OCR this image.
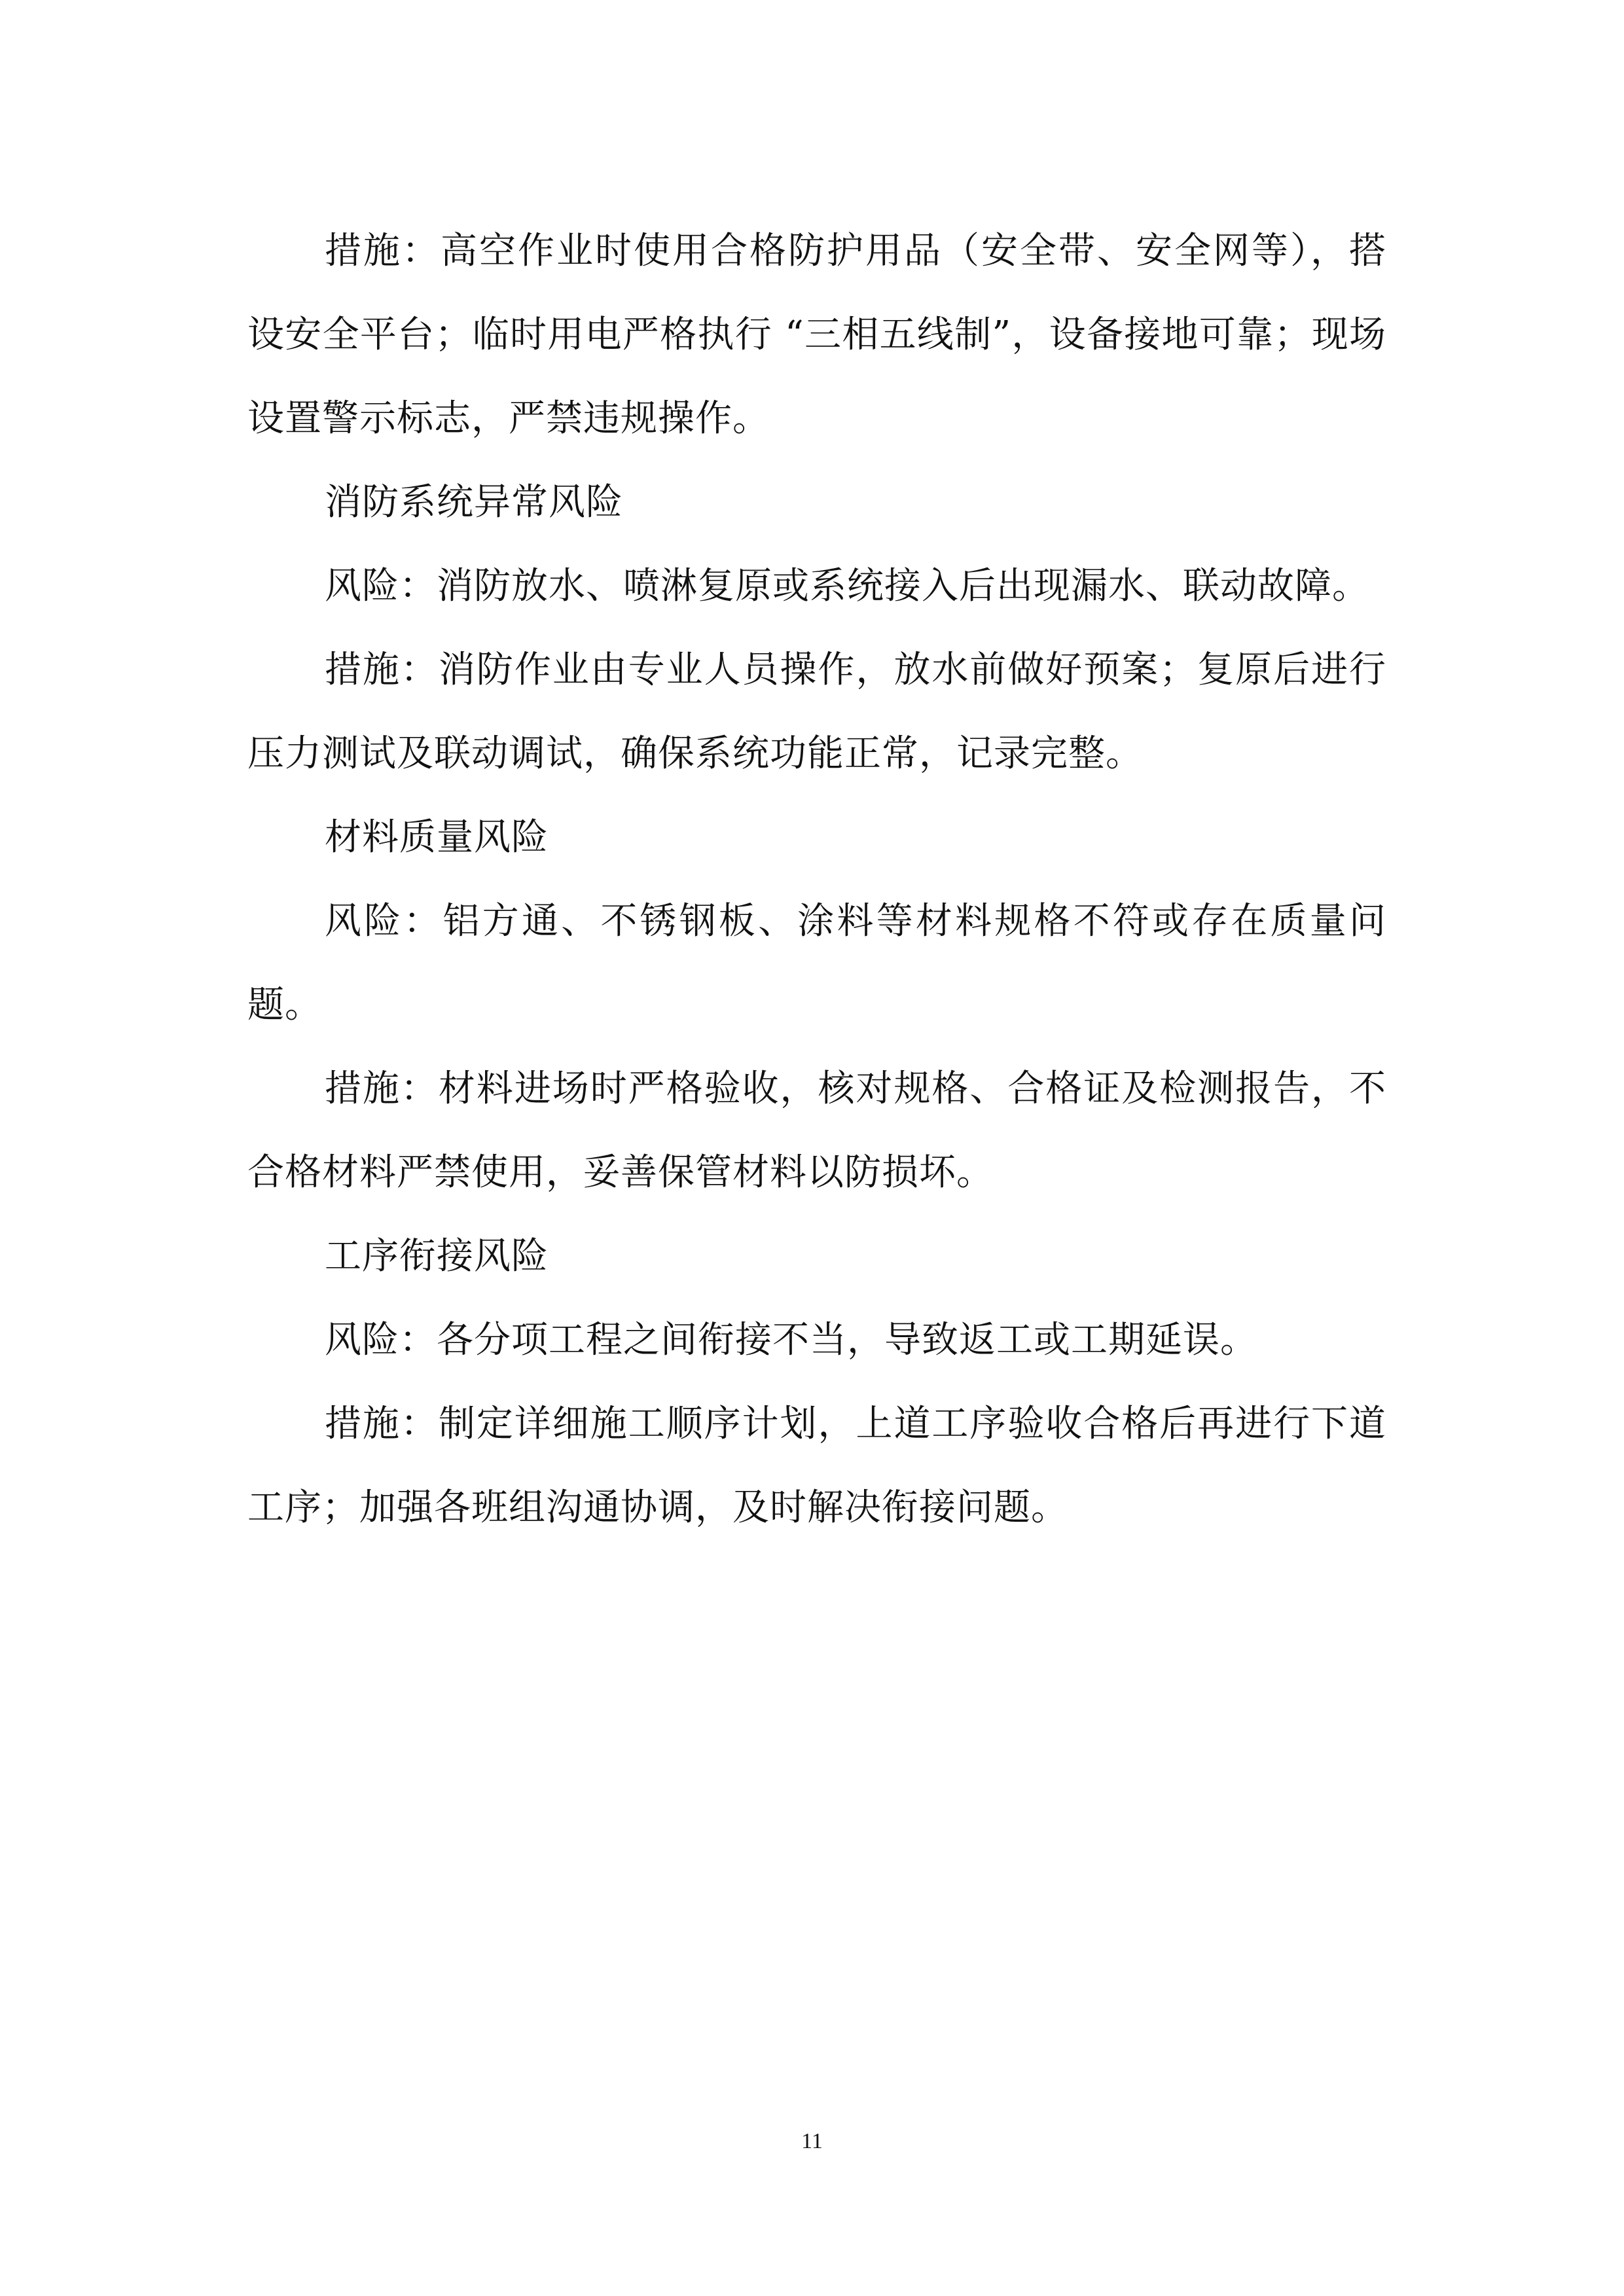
措施：高空作业时使用合格防护用品（安全带、安全网等），搭设安全平台；临时用电严格执行 “三相五线制”，设备接地可靠；现场设置警示标志，严禁违规操作。

消防系统异常风险

风险：消防放水、喷淋复原或系统接入后出现漏水、联动故障。

措施：消防作业由专业人员操作，放水前做好预案；复原后进行压力测试及联动调试，确保系统功能正常，记录完整。

材料质量风险

风险：铝方通、不锈钢板、涂料等材料规格不符或存在质量问题。

措施：材料进场时严格验收，核对规格、合格证及检测报告，不合格材料严禁使用，妥善保管材料以防损坏。

工序衔接风险

风险：各分项工程之间衔接不当，导致返工或工期延误。

措施：制定详细施工顺序计划，上道工序验收合格后再进行下道工序；加强各班组沟通协调，及时解决衔接问题。

11
